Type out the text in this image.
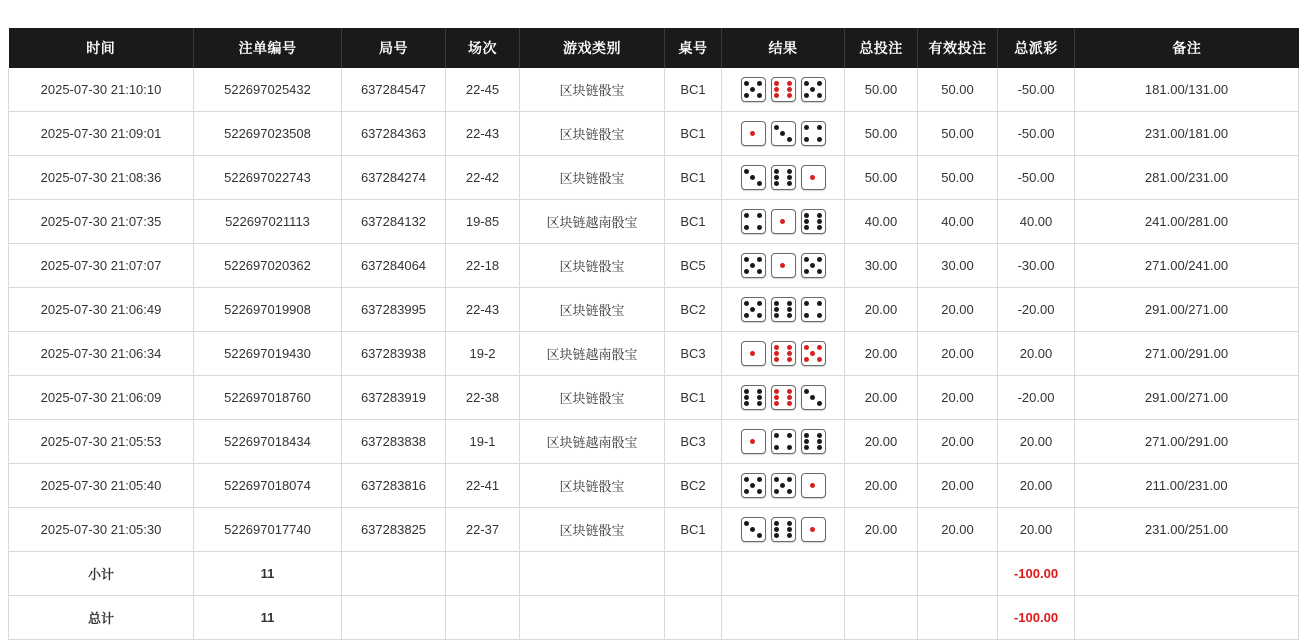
时间	注单编号	局号	场次	游戏类别	桌号	结果	总投注	有效投注	总派彩	备注
2025-07-30 21:10:10	522697025432	637284547	22-45	区块链骰宝	BC1		50.00	50.00	-50.00	181.00/131.00
2025-07-30 21:09:01	522697023508	637284363	22-43	区块链骰宝	BC1		50.00	50.00	-50.00	231.00/181.00
2025-07-30 21:08:36	522697022743	637284274	22-42	区块链骰宝	BC1		50.00	50.00	-50.00	281.00/231.00
2025-07-30 21:07:35	522697021113	637284132	19-85	区块链越南骰宝	BC1		40.00	40.00	40.00	241.00/281.00
2025-07-30 21:07:07	522697020362	637284064	22-18	区块链骰宝	BC5		30.00	30.00	-30.00	271.00/241.00
2025-07-30 21:06:49	522697019908	637283995	22-43	区块链骰宝	BC2		20.00	20.00	-20.00	291.00/271.00
2025-07-30 21:06:34	522697019430	637283938	19-2	区块链越南骰宝	BC3		20.00	20.00	20.00	271.00/291.00
2025-07-30 21:06:09	522697018760	637283919	22-38	区块链骰宝	BC1		20.00	20.00	-20.00	291.00/271.00
2025-07-30 21:05:53	522697018434	637283838	19-1	区块链越南骰宝	BC3		20.00	20.00	20.00	271.00/291.00
2025-07-30 21:05:40	522697018074	637283816	22-41	区块链骰宝	BC2		20.00	20.00	20.00	211.00/231.00
2025-07-30 21:05:30	522697017740	637283825	22-37	区块链骰宝	BC1		20.00	20.00	20.00	231.00/251.00
小计	11						340.00	340.00	-100.00	
总计	11						340.00	340.00	-100.00	
